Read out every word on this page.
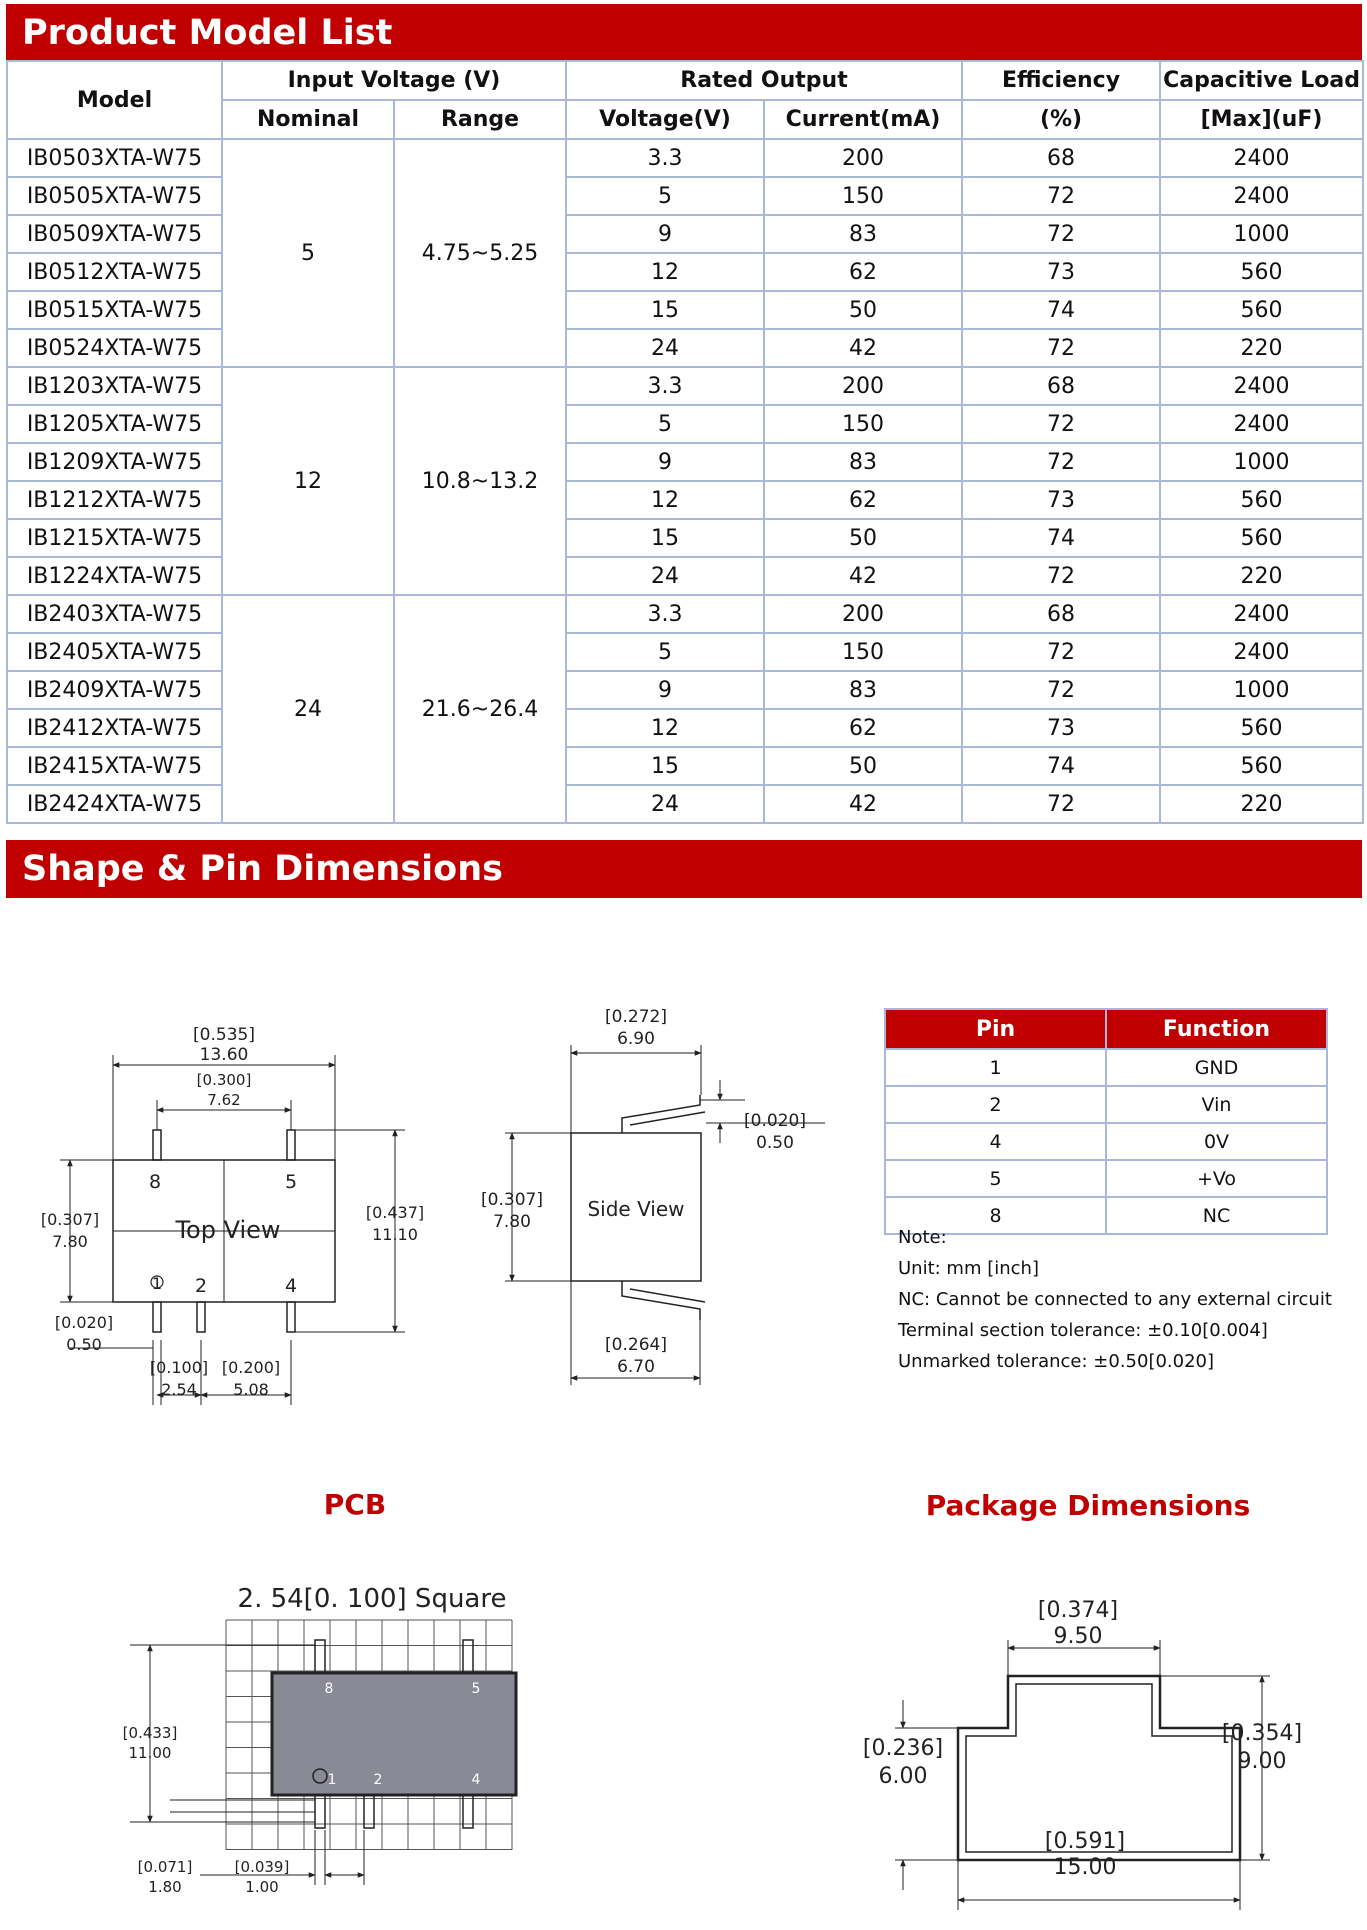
Product Model List
Model	Input Voltage (V)		Rated Output		Efficiency	Capacitive Load
	Nominal	Range	Voltage(V)	Current(mA)	(%)	[Max](uF)
IB0503XTA-W75	5	4.75~5.25	3.3	200	68	2400
IB0505XTA-W75			5	150	72	2400
IB0509XTA-W75			9	83	72	1000
IB0512XTA-W75			12	62	73	560
IB0515XTA-W75			15	50	74	560
IB0524XTA-W75			24	42	72	220
IB1203XTA-W75	12	10.8~13.2	3.3	200	68	2400
IB1205XTA-W75			5	150	72	2400
IB1209XTA-W75			9	83	72	1000
IB1212XTA-W75			12	62	73	560
IB1215XTA-W75			15	50	74	560
IB1224XTA-W75			24	42	72	220
IB2403XTA-W75	24	21.6~26.4	3.3	200	68	2400
IB2405XTA-W75			5	150	72	2400
IB2409XTA-W75			9	83	72	1000
IB2412XTA-W75			12	62	73	560
IB2415XTA-W75			15	50	74	560
IB2424XTA-W75			24	42	72	220
Shape & Pin Dimensions
[0.535]
13.60
[0.300]
7.62
Top View
8	5
1 2	4
[0.307]
7.80
[0.437]
11.10
[0.020]
0.50
[0.100]
2.54
[0.200]
5.08
[0.272]
6.90
[0.020]
0.50
Side View
[0.307]
7.80
[0.264]
6.70
PCB
2. 54[0. 100] Square
8	5
1	2	4
[0.433]
11.00
[0.071]
1.80
[0.039]
1.00
Package Dimensions
[0.374]
9.50
[0.236]
6.00
[0.354]
9.00
[0.591]
15.00
Pin	Function
1	GND
2	Vin
4	0V
5	+Vo
8	NC
Note:
Unit: mm [inch]
NC: Cannot be connected to any external circuit
Terminal section tolerance: ±0.10[0.004]
Unmarked tolerance: ±0.50[0.020]
